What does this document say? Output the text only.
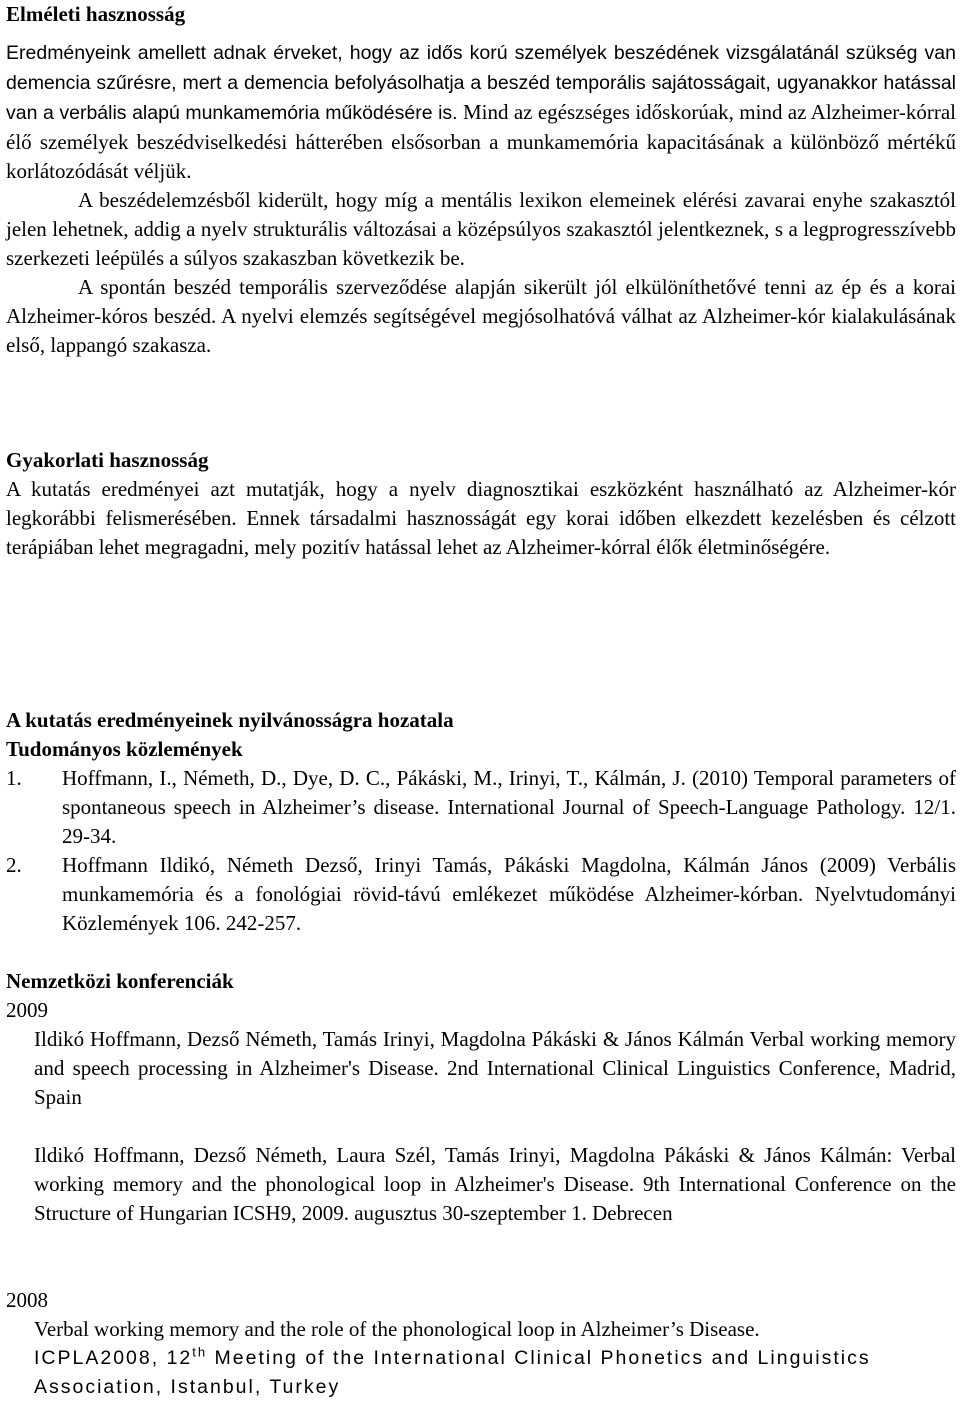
Elméleti hasznosság

Eredményeink amellett adnak érveket, hogy az idős korú személyek beszédének vizsgálatánál szükség van demencia szűrésre, mert a demencia befolyásolhatja a beszéd temporális sajátosságait, ugyanakkor hatással van a verbális alapú munkamemória működésére is. Mind az egészséges időskorúak, mind az Alzheimer-kórral élő személyek beszédviselkedési hátterében elsősorban a munkamemória kapacitásának a különböző mértékű korlátozódását véljük.

A beszédelemzésből kiderült, hogy míg a mentális lexikon elemeinek elérési zavarai enyhe szakasztól jelen lehetnek, addig a nyelv strukturális változásai a középsúlyos szakasztól jelentkeznek, s a legprogresszívebb szerkezeti leépülés a súlyos szakaszban következik be.

A spontán beszéd temporális szerveződése alapján sikerült jól elkülöníthetővé tenni az ép és a korai Alzheimer-kóros beszéd. A nyelvi elemzés segítségével megjósolhatóvá válhat az Alzheimer-kór kialakulásának első, lappangó szakasza.

Gyakorlati hasznosság

A kutatás eredményei azt mutatják, hogy a nyelv diagnosztikai eszközként használható az Alzheimer-kór legkorábbi felismerésében. Ennek társadalmi hasznosságát egy korai időben elkezdett kezelésben és célzott terápiában lehet megragadni, mely pozitív hatással lehet az Alzheimer-kórral élők életminőségére.

A kutatás eredményeinek nyilvánosságra hozatala
Tudományos közlemények

1. Hoffmann, I., Németh, D., Dye, D. C., Pákáski, M., Irinyi, T., Kálmán, J. (2010) Temporal parameters of spontaneous speech in Alzheimer’s disease. International Journal of Speech-Language Pathology. 12/1. 29-34.

2. Hoffmann Ildikó, Németh Dezső, Irinyi Tamás, Pákáski Magdolna, Kálmán János (2009) Verbális munkamemória és a fonológiai rövid-távú emlékezet működése Alzheimer-kórban. Nyelvtudományi Közlemények 106. 242-257.

Nemzetközi konferenciák
2009

Ildikó Hoffmann, Dezső Németh, Tamás Irinyi, Magdolna Pákáski & János Kálmán Verbal working memory and speech processing in Alzheimer's Disease. 2nd International Clinical Linguistics Conference, Madrid, Spain

Ildikó Hoffmann, Dezső Németh, Laura Szél, Tamás Irinyi, Magdolna Pákáski & János Kálmán: Verbal working memory and the phonological loop in Alzheimer's Disease. 9th International Conference on the Structure of Hungarian ICSH9, 2009. augusztus 30-szeptember 1. Debrecen

2008
Verbal working memory and the role of the phonological loop in Alzheimer’s Disease.
ICPLA2008, 12th Meeting of the International Clinical Phonetics and Linguistics Association, Istanbul, Turkey
